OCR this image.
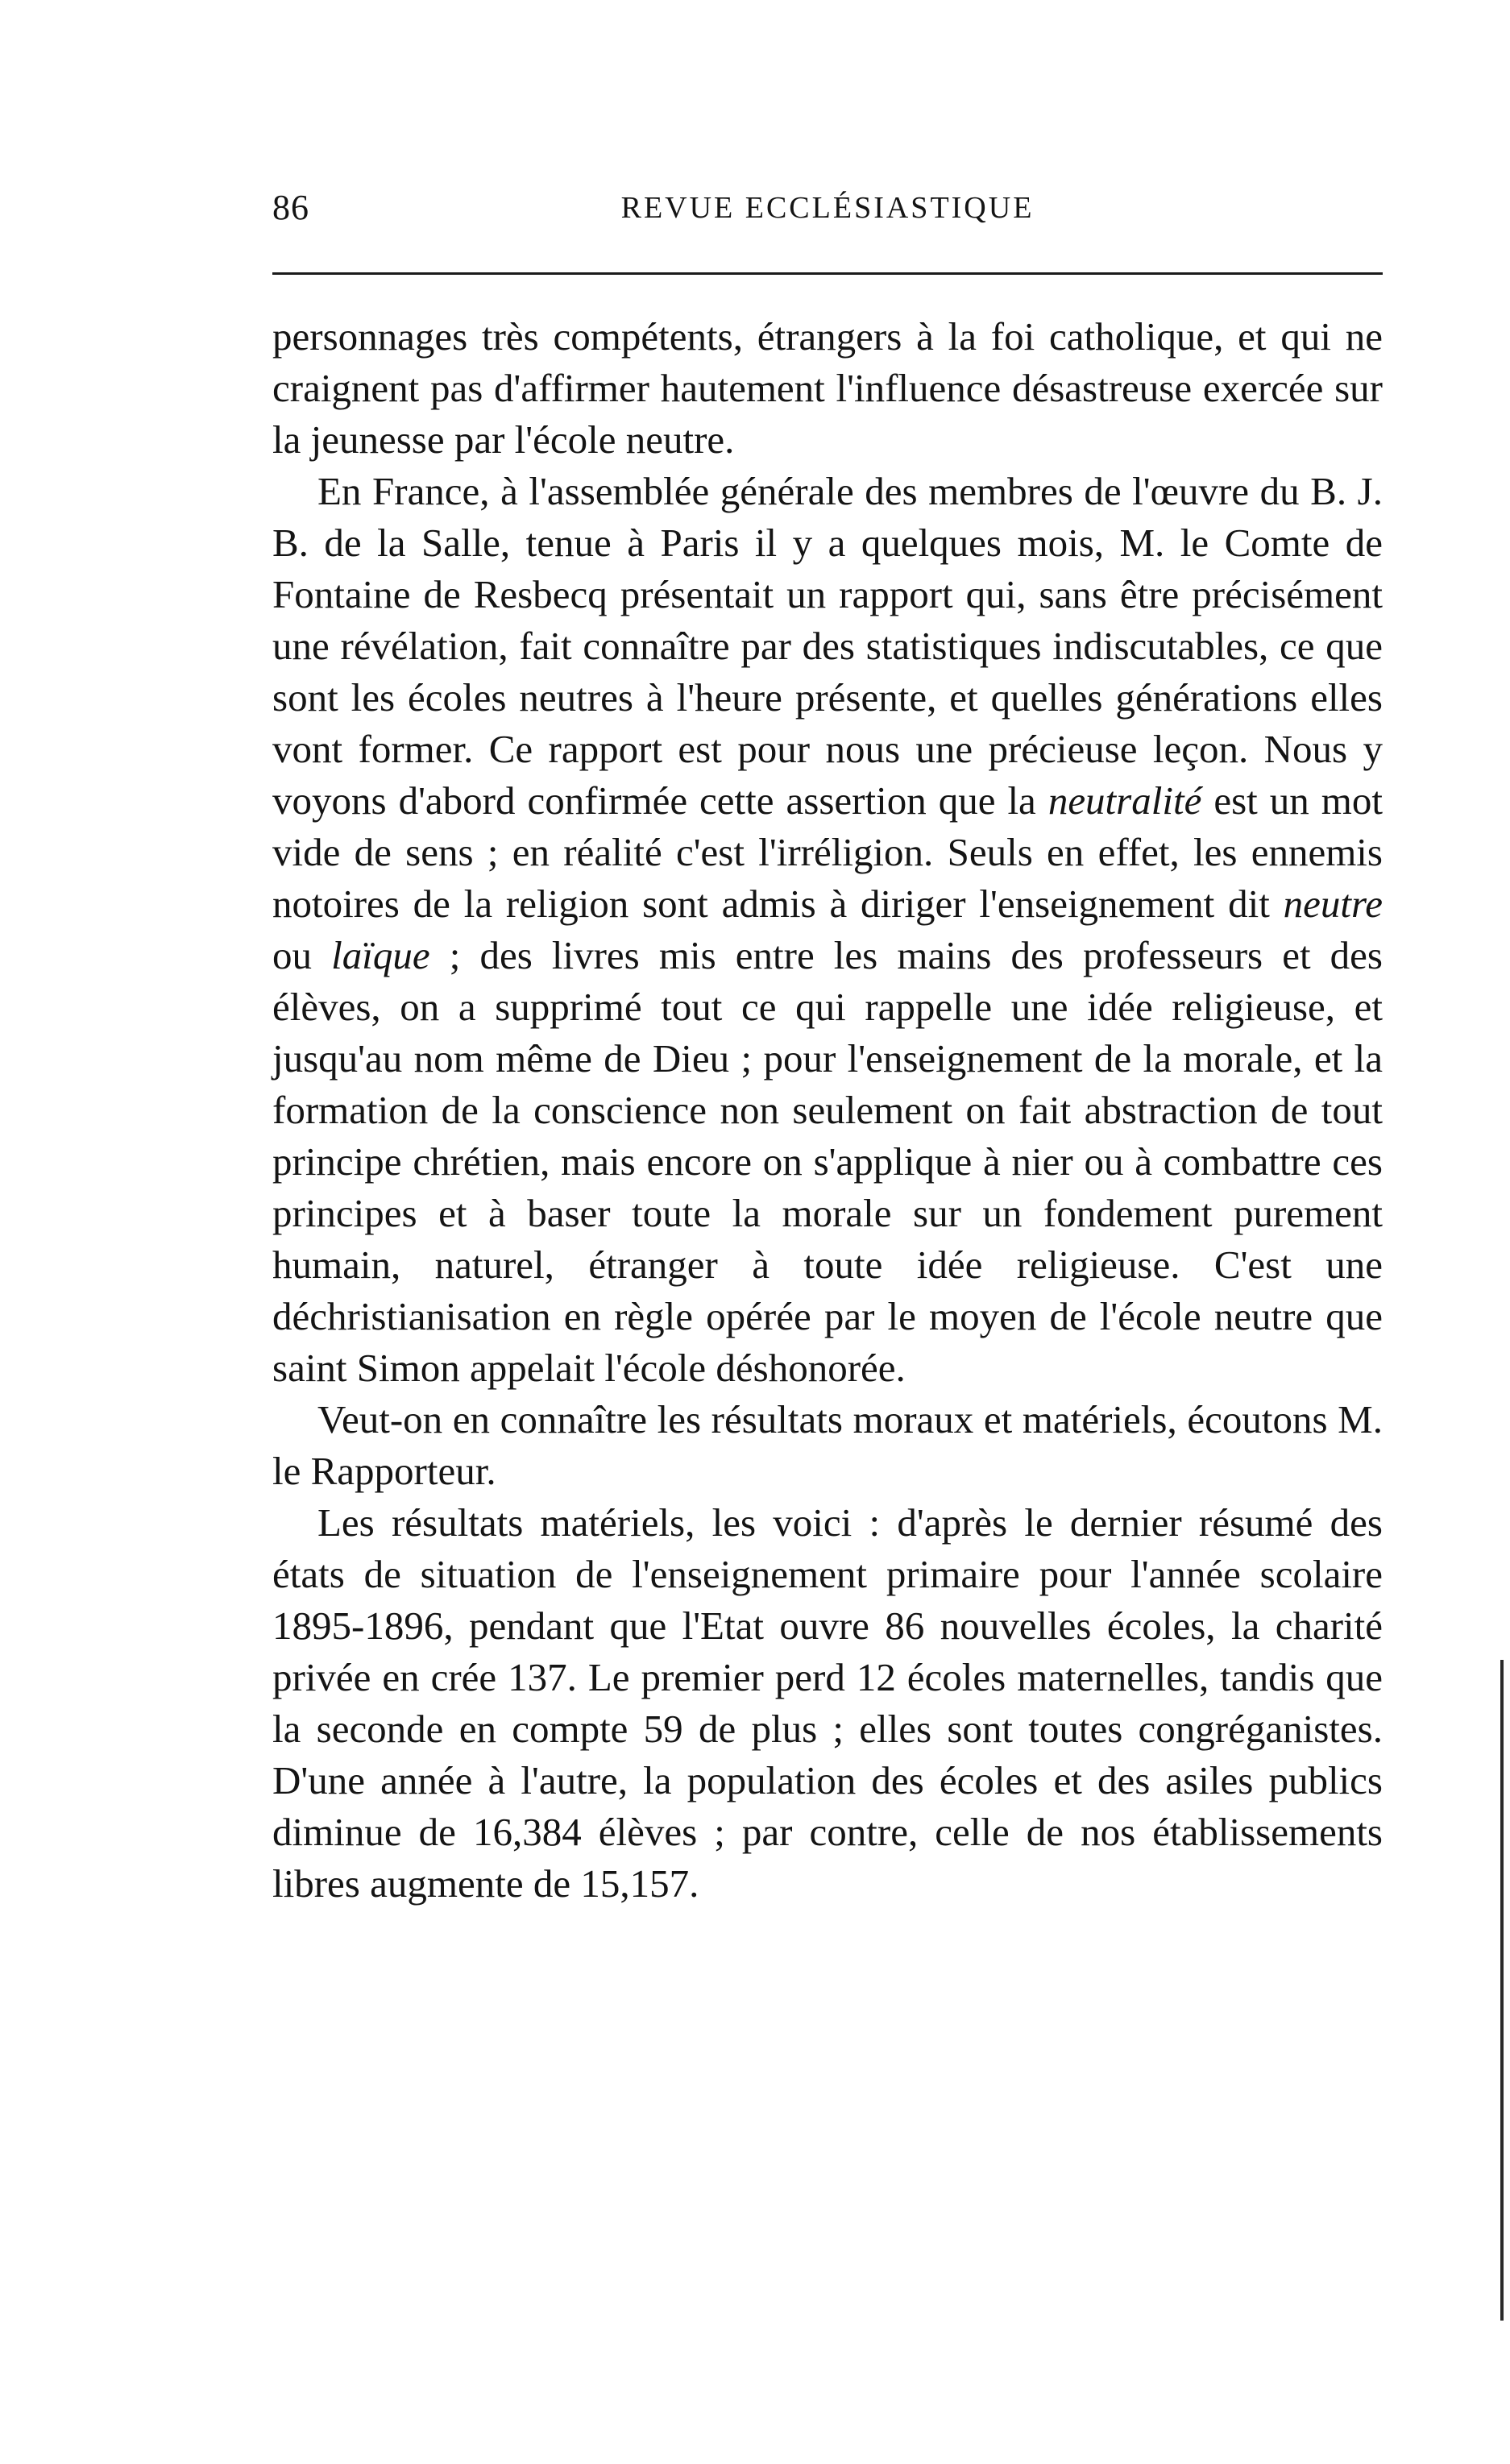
86	REVUE ECCLÉSIASTIQUE

personnages très compétents, étrangers à la foi catholique, et qui ne craignent pas d'affirmer hautement l'influence désastreuse exercée sur la jeunesse par l'école neutre.

En France, à l'assemblée générale des membres de l'œuvre du B. J. B. de la Salle, tenue à Paris il y a quelques mois, M. le Comte de Fontaine de Resbecq présentait un rapport qui, sans être précisément une révélation, fait connaître par des statistiques indiscutables, ce que sont les écoles neutres à l'heure présente, et quelles générations elles vont former. Ce rapport est pour nous une précieuse leçon. Nous y voyons d'abord confirmée cette assertion que la neutralité est un mot vide de sens ; en réalité c'est l'irréligion. Seuls en effet, les ennemis notoires de la religion sont admis à diriger l'enseignement dit neutre ou laïque ; des livres mis entre les mains des professeurs et des élèves, on a supprimé tout ce qui rappelle une idée religieuse, et jusqu'au nom même de Dieu ; pour l'enseignement de la morale, et la formation de la conscience non seulement on fait abstraction de tout principe chrétien, mais encore on s'applique à nier ou à combattre ces principes et à baser toute la morale sur un fondement purement humain, naturel, étranger à toute idée religieuse. C'est une déchristianisation en règle opérée par le moyen de l'école neutre que saint Simon appelait l'école déshonorée.

Veut-on en connaître les résultats moraux et matériels, écoutons M. le Rapporteur.

Les résultats matériels, les voici : d'après le dernier résumé des états de situation de l'enseignement primaire pour l'année scolaire 1895-1896, pendant que l'Etat ouvre 86 nouvelles écoles, la charité privée en crée 137. Le premier perd 12 écoles maternelles, tandis que la seconde en compte 59 de plus ; elles sont toutes congréganistes. D'une année à l'autre, la population des écoles et des asiles publics diminue de 16,384 élèves ; par contre, celle de nos établissements libres augmente de 15,157.
